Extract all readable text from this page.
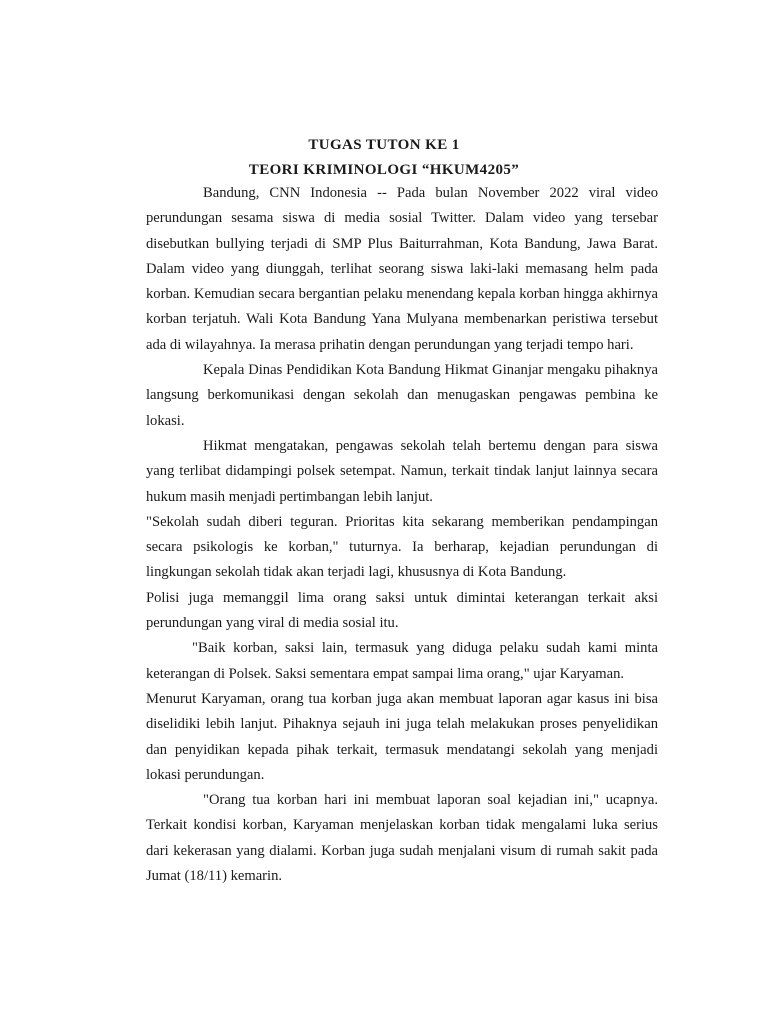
TUGAS TUTON KE 1
TEORI KRIMINOLOGI “HKUM4205”

Bandung, CNN Indonesia -- Pada bulan November 2022 viral video perundungan sesama siswa di media sosial Twitter. Dalam video yang tersebar disebutkan bullying terjadi di SMP Plus Baiturrahman, Kota Bandung, Jawa Barat. Dalam video yang diunggah, terlihat seorang siswa laki-laki memasang helm pada korban. Kemudian secara bergantian pelaku menendang kepala korban hingga akhirnya korban terjatuh. Wali Kota Bandung Yana Mulyana membenarkan peristiwa tersebut ada di wilayahnya. Ia merasa prihatin dengan perundungan yang terjadi tempo hari.

Kepala Dinas Pendidikan Kota Bandung Hikmat Ginanjar mengaku pihaknya langsung berkomunikasi dengan sekolah dan menugaskan pengawas pembina ke lokasi.

Hikmat mengatakan, pengawas sekolah telah bertemu dengan para siswa yang terlibat didampingi polsek setempat. Namun, terkait tindak lanjut lainnya secara hukum masih menjadi pertimbangan lebih lanjut.

"Sekolah sudah diberi teguran. Prioritas kita sekarang memberikan pendampingan secara psikologis ke korban," tuturnya. Ia berharap, kejadian perundungan di lingkungan sekolah tidak akan terjadi lagi, khususnya di Kota Bandung.

Polisi juga memanggil lima orang saksi untuk dimintai keterangan terkait aksi perundungan yang viral di media sosial itu.

"Baik korban, saksi lain, termasuk yang diduga pelaku sudah kami minta keterangan di Polsek. Saksi sementara empat sampai lima orang," ujar Karyaman.

Menurut Karyaman, orang tua korban juga akan membuat laporan agar kasus ini bisa diselidiki lebih lanjut. Pihaknya sejauh ini juga telah melakukan proses penyelidikan dan penyidikan kepada pihak terkait, termasuk mendatangi sekolah yang menjadi lokasi perundungan.

"Orang tua korban hari ini membuat laporan soal kejadian ini," ucapnya. Terkait kondisi korban, Karyaman menjelaskan korban tidak mengalami luka serius dari kekerasan yang dialami. Korban juga sudah menjalani visum di rumah sakit pada Jumat (18/11) kemarin.
